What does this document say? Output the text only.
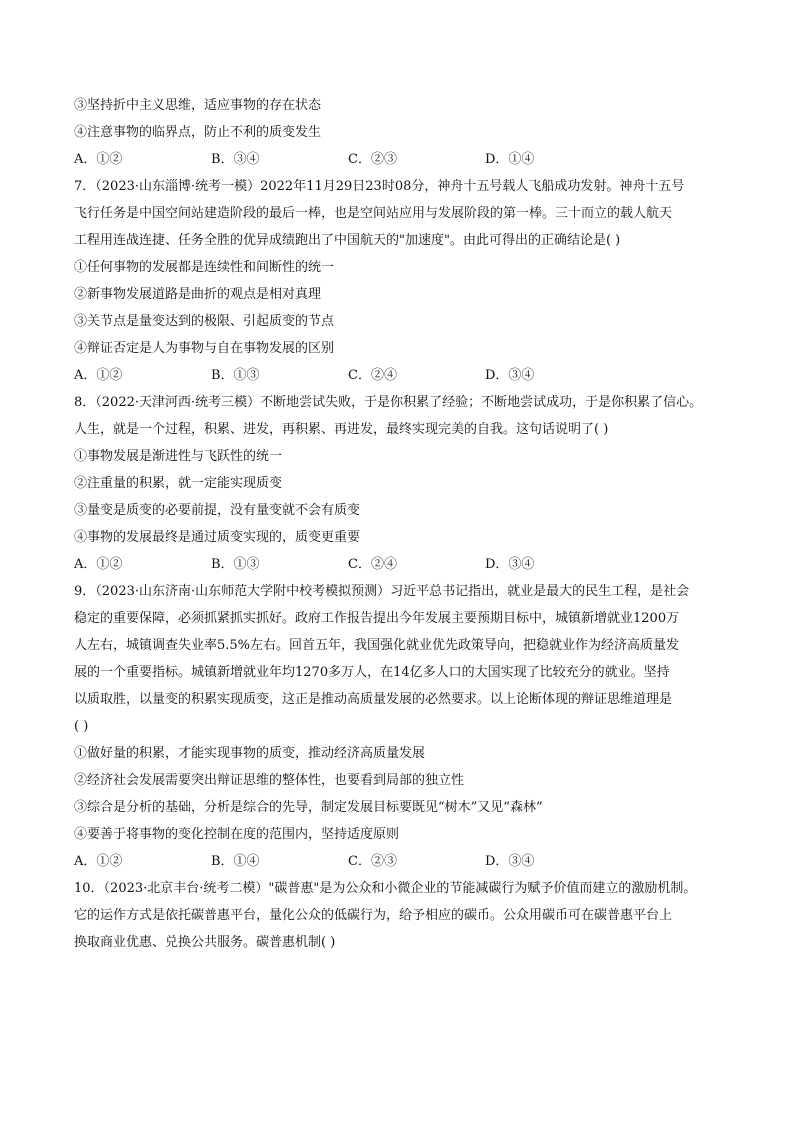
③坚持折中主义思维，适应事物的存在状态
④注意事物的临界点，防止不利的质变发生
A．①②	B．③④	C．②③	D．①④
7．（2023·山东淄博·统考一模）2022年11月29日23时08分，神舟十五号载人飞船成功发射。神舟十五号
飞行任务是中国空间站建造阶段的最后一棒，也是空间站应用与发展阶段的第一棒。三十而立的载人航天
工程用连战连捷、任务全胜的优异成绩跑出了中国航天的"加速度"。由此可得出的正确结论是( )
①任何事物的发展都是连续性和间断性的统一
②新事物发展道路是曲折的观点是相对真理
③关节点是量变达到的极限、引起质变的节点
④辩证否定是人为事物与自在事物发展的区别
A．①②	B．①③	C．②④	D．③④
8．（2022·天津河西·统考三模）不断地尝试失败，于是你积累了经验；不断地尝试成功，于是你积累了信心。
人生，就是一个过程，积累、进发，再积累、再进发，最终实现完美的自我。这句话说明了( )
①事物发展是渐进性与飞跃性的统一
②注重量的积累，就一定能实现质变
③量变是质变的必要前提，没有量变就不会有质变
④事物的发展最终是通过质变实现的，质变更重要
A．①②	B．①③	C．②④	D．③④
9．（2023·山东济南·山东师范大学附中校考模拟预测）习近平总书记指出，就业是最大的民生工程，是社会
稳定的重要保障，必须抓紧抓实抓好。政府工作报告提出今年发展主要预期目标中，城镇新增就业1200万
人左右，城镇调查失业率5.5%左右。回首五年，我国强化就业优先政策导向，把稳就业作为经济高质量发
展的一个重要指标。城镇新增就业年均1270多万人，在14亿多人口的大国实现了比较充分的就业。坚持
以质取胜，以量变的积累实现质变，这正是推动高质量发展的必然要求。以上论断体现的辩证思维道理是
( )
①做好量的积累，才能实现事物的质变，推动经济高质量发展
②经济社会发展需要突出辩证思维的整体性，也要看到局部的独立性
③综合是分析的基础，分析是综合的先导，制定发展目标要既见“树木”又见“森林”
④要善于将事物的变化控制在度的范围内，坚持适度原则
A．①②	B．①④	C．②③	D．③④
10．（2023·北京丰台·统考二模）"碳普惠"是为公众和小微企业的节能减碳行为赋予价值而建立的激励机制。
它的运作方式是依托碳普惠平台，量化公众的低碳行为，给予相应的碳币。公众用碳币可在碳普惠平台上
换取商业优惠、兑换公共服务。碳普惠机制( )
